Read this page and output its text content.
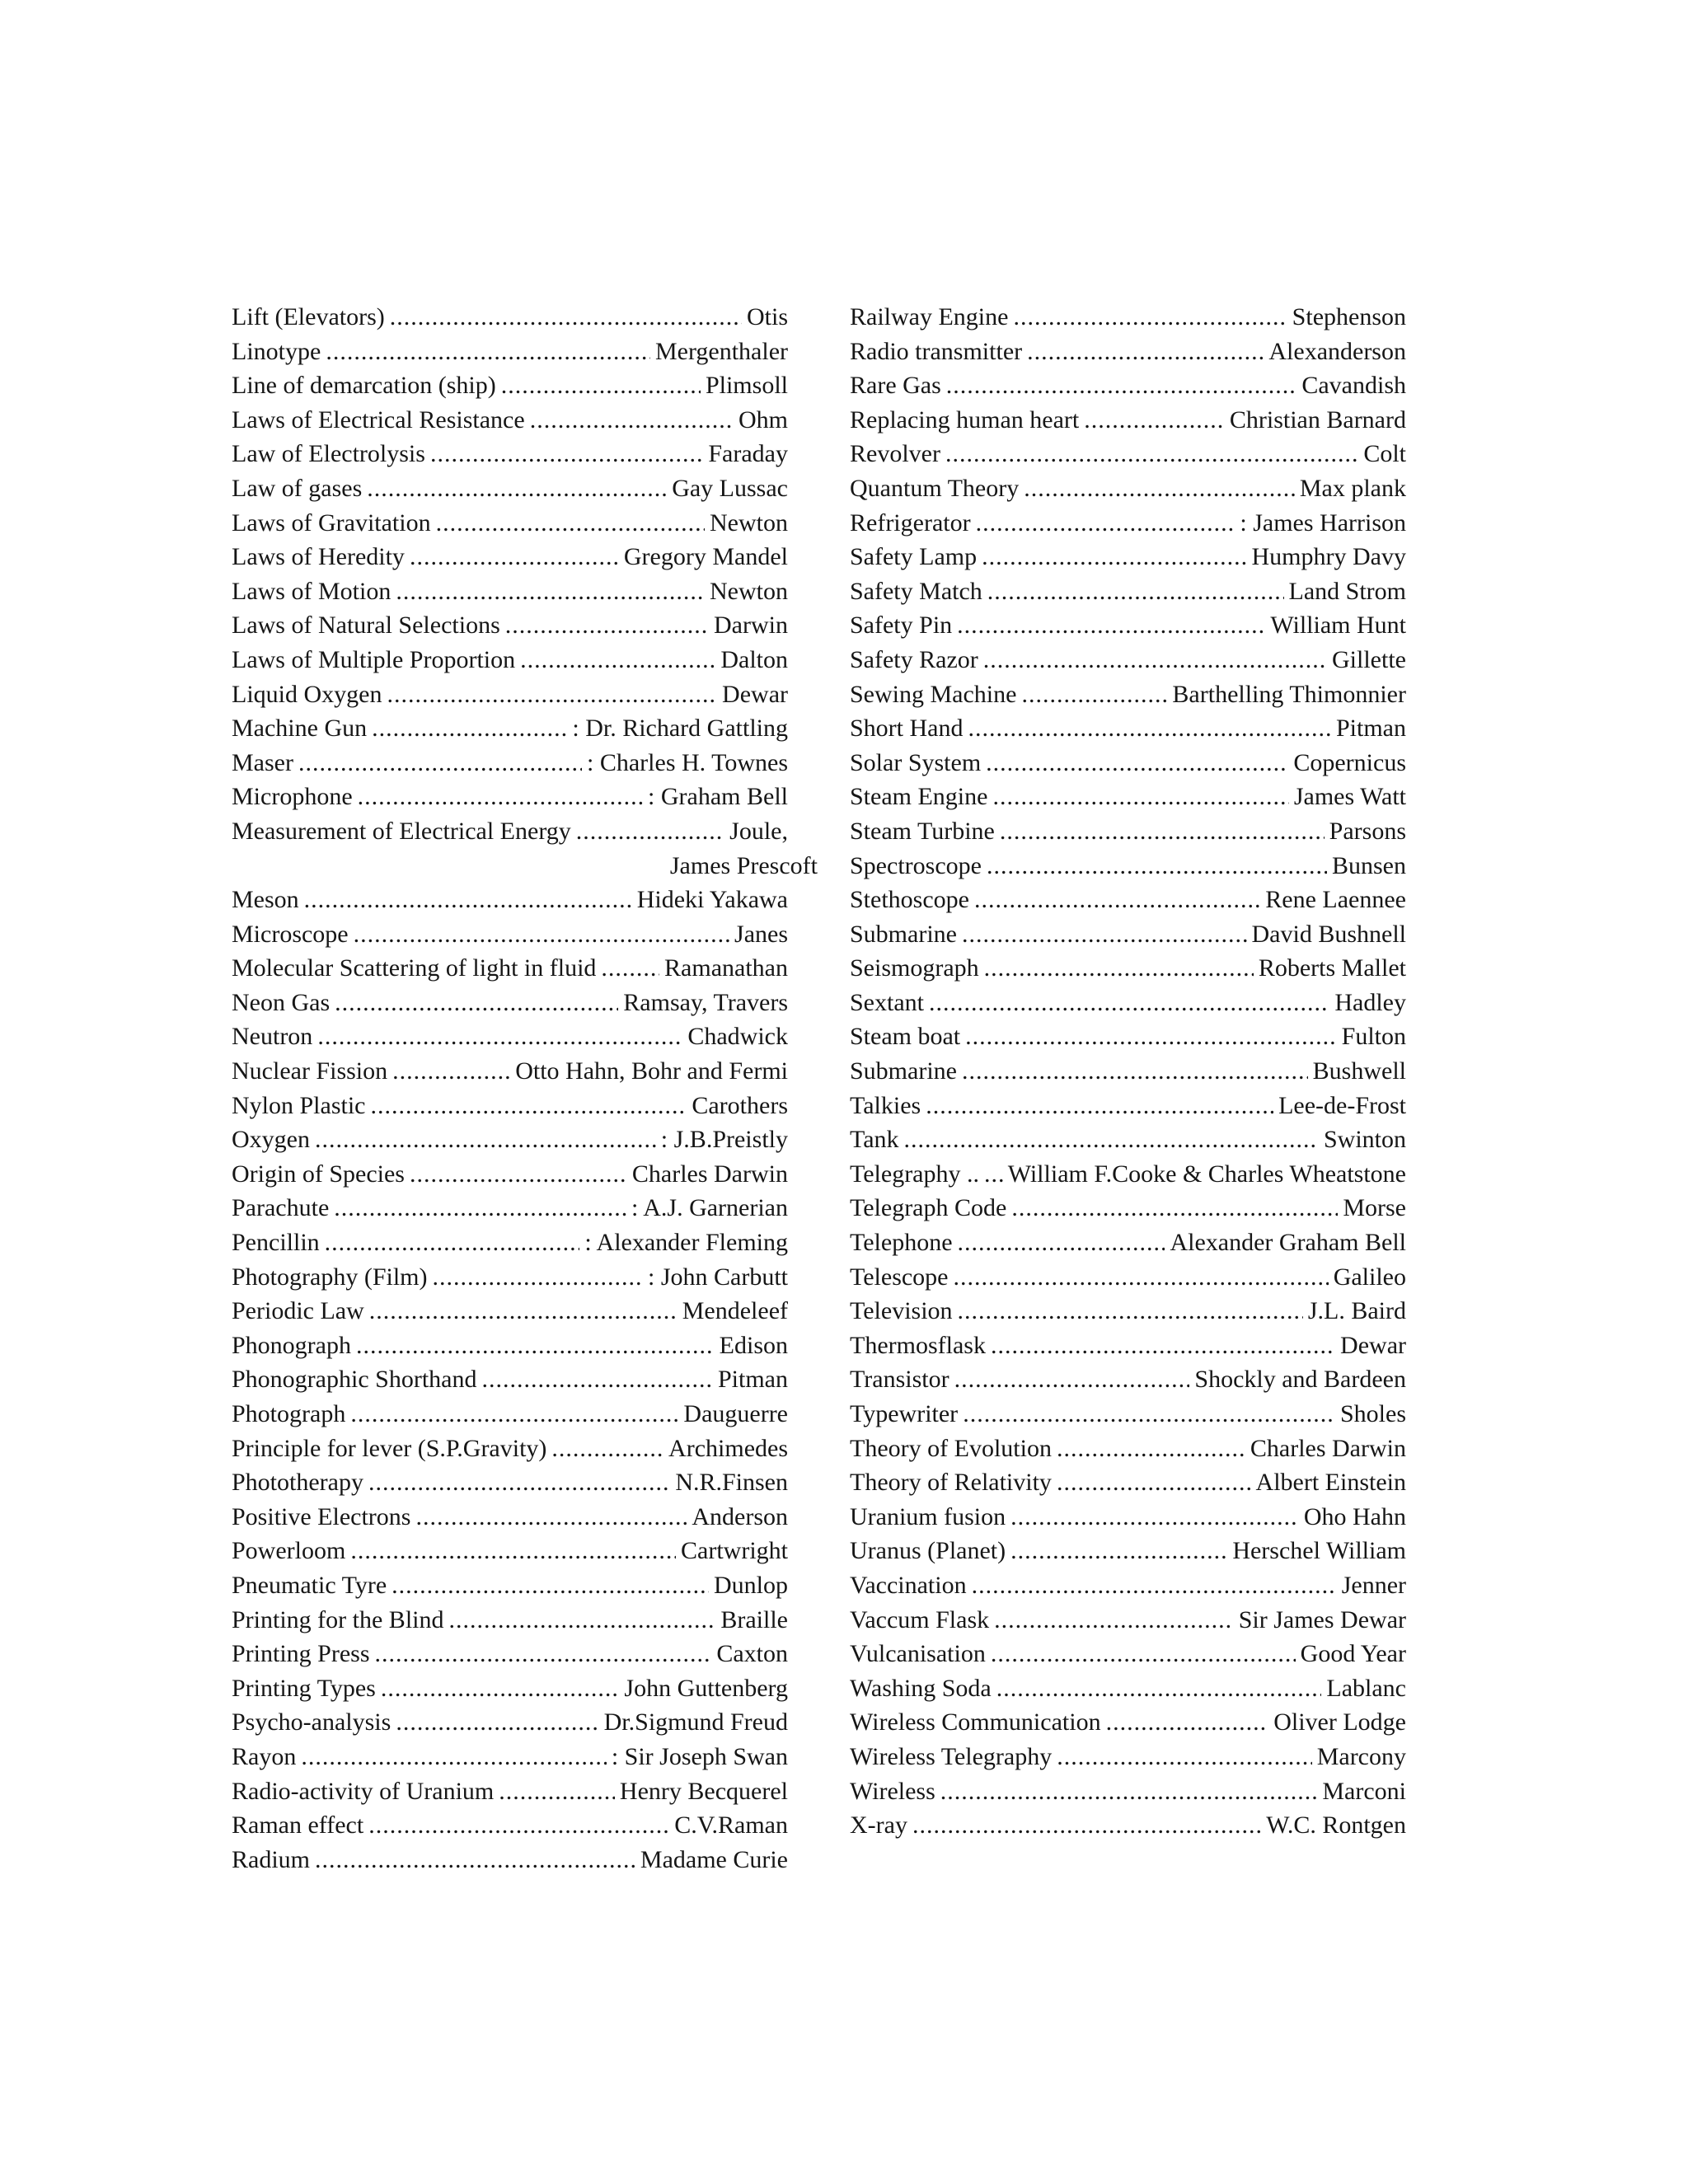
Lift (Elevators) .....	Otis
Linotype .....	Mergenthaler
Line of demarcation (ship) .....	Plimsoll
Laws of Electrical Resistance .....	Ohm
Law of Electrolysis .....	Faraday
Law of gases .....	Gay Lussac
Laws of Gravitation .....	Newton
Laws of Heredity .....	Gregory Mandel
Laws of Motion .....	Newton
Laws of Natural Selections .....	Darwin
Laws of Multiple Proportion .....	Dalton
Liquid Oxygen .....	Dewar
Machine Gun .....	: Dr. Richard Gattling
Maser .....	: Charles H. Townes
Microphone .....	: Graham Bell
Measurement of Electrical Energy .....	Joule,
James Prescoft
Meson .....	Hideki Yakawa
Microscope .....	Janes
Molecular Scattering of light in fluid .....	Ramanathan
Neon Gas .....	Ramsay, Travers
Neutron .....	Chadwick
Nuclear Fission .....	Otto Hahn, Bohr and Fermi
Nylon Plastic .....	Carothers
Oxygen .....	: J.B.Preistly
Origin of Species .....	Charles Darwin
Parachute .....	: A.J. Garnerian
Pencillin .....	: Alexander Fleming
Photography (Film) .....	: John Carbutt
Periodic Law .....	Mendeleef
Phonograph .....	Edison
Phonographic Shorthand .....	Pitman
Photograph .....	Dauguerre
Principle for lever (S.P.Gravity) .....	Archimedes
Phototherapy .....	N.R.Finsen
Positive Electrons .....	Anderson
Powerloom .....	Cartwright
Pneumatic Tyre .....	Dunlop
Printing for the Blind .....	Braille
Printing Press .....	Caxton
Printing Types .....	John Guttenberg
Psycho-analysis .....	Dr.Sigmund Freud
Rayon .....	: Sir Joseph Swan
Radio-activity of Uranium .....	Henry Becquerel
Raman effect .....	C.V.Raman
Radium .....	Madame Curie
Railway Engine .....	Stephenson
Radio transmitter .....	Alexanderson
Rare Gas .....	Cavandish
Replacing human heart .....	Christian Barnard
Revolver .....	Colt
Quantum Theory .....	Max plank
Refrigerator .....	: James Harrison
Safety Lamp .....	Humphry Davy
Safety Match .....	Land Strom
Safety Pin .....	William Hunt
Safety Razor .....	Gillette
Sewing Machine .....	Barthelling Thimonnier
Short Hand .....	Pitman
Solar System .....	Copernicus
Steam Engine .....	James Watt
Steam Turbine .....	Parsons
Spectroscope .....	Bunsen
Stethoscope .....	Rene Laennee
Submarine .....	David Bushnell
Seismograph .....	Roberts Mallet
Sextant .....	Hadley
Steam boat .....	Fulton
Submarine .....	Bushwell
Talkies .....	Lee-de-Frost
Tank .....	Swinton
Telegraphy .. ..... William F.Cooke & Charles Wheatstone
Telegraph Code .....	Morse
Telephone .....	Alexander Graham Bell
Telescope .....	Galileo
Television .....	J.L. Baird
Thermosflask .....	Dewar
Transistor .....	Shockly and Bardeen
Typewriter .....	Sholes
Theory of Evolution .....	Charles Darwin
Theory of Relativity .....	Albert Einstein
Uranium fusion .....	Oho Hahn
Uranus (Planet) .....	Herschel William
Vaccination .....	Jenner
Vaccum Flask .....	Sir James Dewar
Vulcanisation .....	Good Year
Washing Soda .....	Lablanc
Wireless Communication .....	Oliver Lodge
Wireless Telegraphy .....	Marcony
Wireless .....	Marconi
X-ray .....	W.C. Rontgen
